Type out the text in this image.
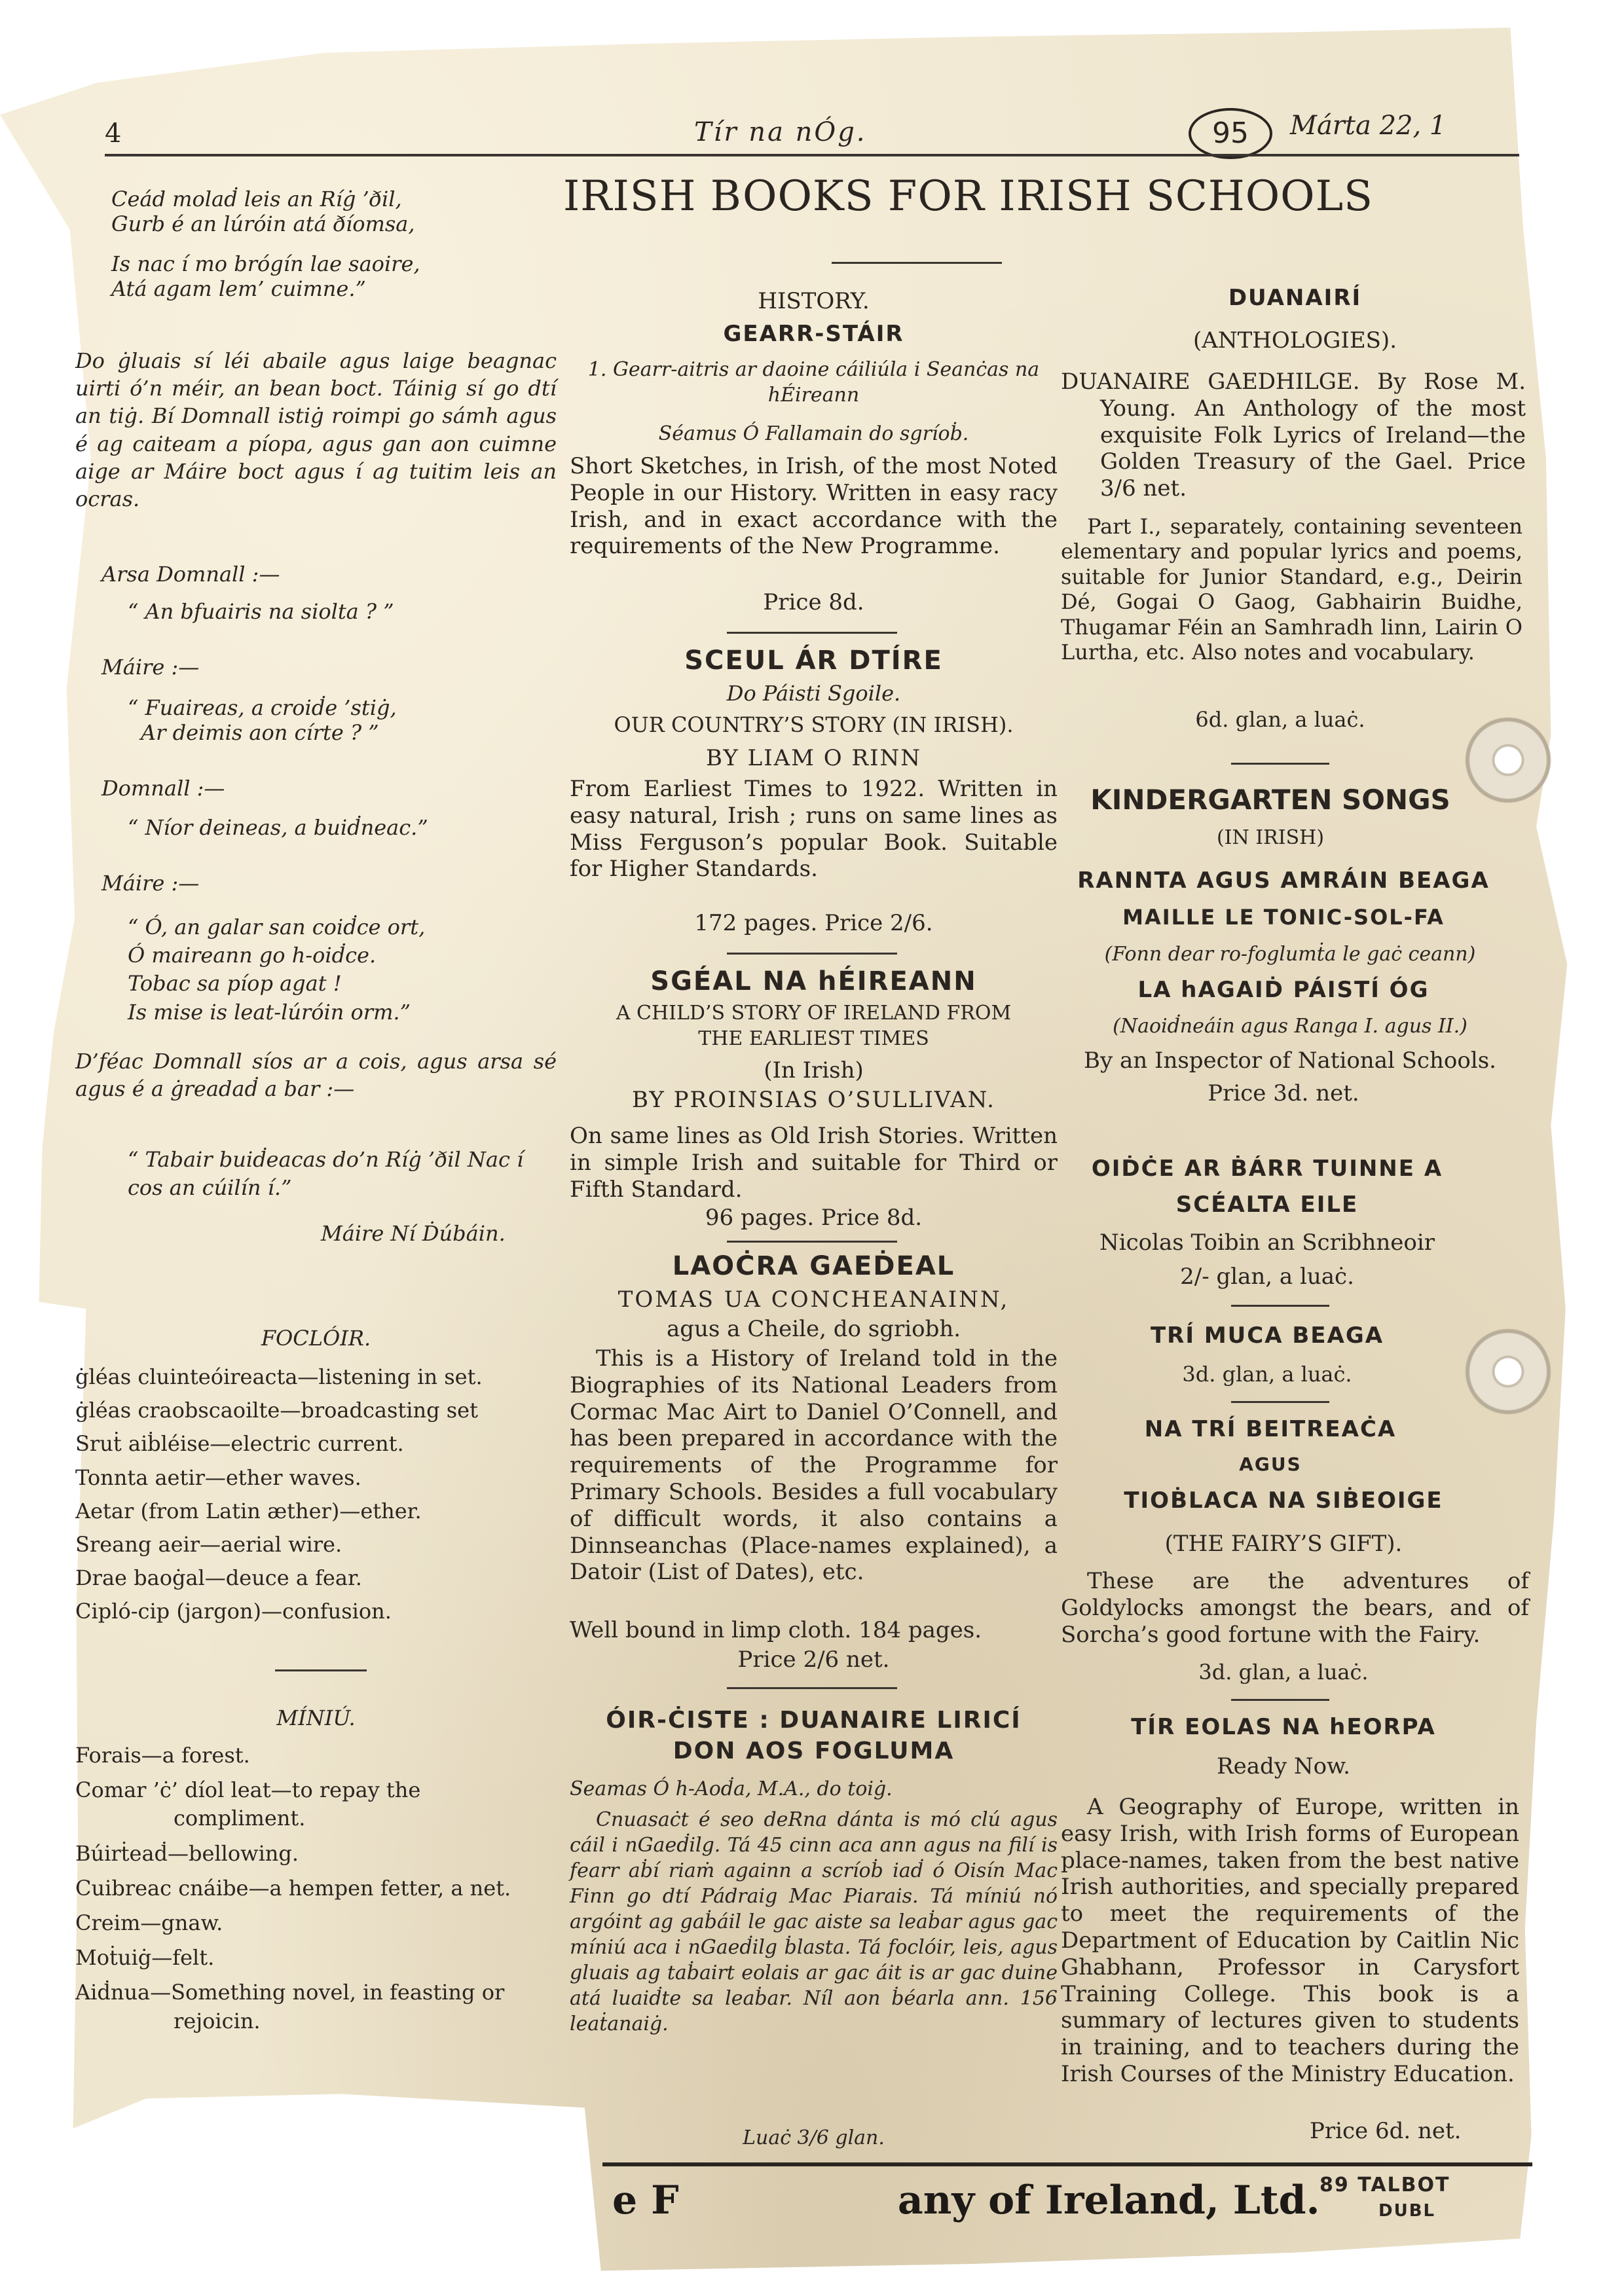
4	Tír na nÓg.	95	Márta 22, 1

Ceád molaḋ leis an Ríġ ’ðil,
Gurb é an lúróin atá ðíomsa,
Is nac í mo brógín lae saoire,
Atá agam lem’ cuimne.”

Do ġluais sí léi abaile agus laige beagnac uirti ó’n méir, an bean boct. Táinig sí go dtí an tiġ. Bí Domnall istiġ roimpi go sámh agus é ag caiteam a píopa, agus gan aon cuimne aige ar Máire boct agus í ag tuitim leis an ocras.

Arsa Domnall :—

“ An bfuairis na siolta ? ”

Máire :—

“ Fuaireas, a croiḋe ’stiġ,
Ar deimis aon círte ? ”

Domnall :—

“ Níor deineas, a buiḋneac.”

Máire :—

“ Ó, an galar san coiḋce ort,
Ó maireann go h-oiḋce.
Tobac sa píop agat !
Is mise is leat-lúróin orm.”

D’féac Domnall síos ar a cois, agus arsa sé agus é a ġreadaḋ a bar :—

“ Tabair buiḋeacas do’n Ríġ ’ðil Nac í cos an cúilín í.”

Máire Ní Ḋúbáin.

FOCLÓIR.

ġléas cluinteóireacta—listening in set.
ġléas craobscaoilte—broadcasting set
Sruṫ aiḃléise—electric current.
Tonnta aetir—ether waves.
Aetar (from Latin æther)—ether.
Sreang aeir—aerial wire.
Drae baoġal—deuce a fear.
Cipló-cip (jargon)—confusion.

MÍNIÚ.

Forais—a forest.
Comar ’ċ’ díol leat—to repay the compliment.
Búirṫeaḋ—bellowing.
Cuibreac cnáibe—a hempen fetter, a net.
Creim—gnaw.
Moṫuiġ—felt.
Aiḋnua—Something novel, in feasting or rejoicin.

IRISH BOOKS FOR IRISH SCHOOLS

HISTORY.

GEARR-STÁIR

1. Gearr-aitris ar daoine cáiliúla i Seanċas na hÉireann

Séamus Ó Fallamain do sgríoḃ.

Short Sketches, in Irish, of the most Noted People in our History. Written in easy racy Irish, and in exact accordance with the requirements of the New Programme.

Price 8d.

SCEUL ÁR DTÍRE

Do Páisti Sgoile.

OUR COUNTRY’S STORY (IN IRISH).

BY LIAM O RINN

From Earliest Times to 1922. Written in easy natural, Irish ; runs on same lines as Miss Ferguson’s popular Book. Suitable for Higher Standards.

172 pages. Price 2/6.

SGÉAL NA hÉIREANN

A CHILD’S STORY OF IRELAND FROM THE EARLIEST TIMES

(In Irish)

BY PROINSIAS O’SULLIVAN.

On same lines as Old Irish Stories. Written in simple Irish and suitable for Third or Fifth Standard.

96 pages. Price 8d.

LAOĊRA GAEḊEAL

TOMAS UA CONCHEANAINN,

agus a Cheile, do sgriobh.

This is a History of Ireland told in the Biographies of its National Leaders from Cormac Mac Airt to Daniel O’Connell, and has been prepared in accordance with the requirements of the Programme for Primary Schools. Besides a full vocabulary of difficult words, it also contains a Dinnseanchas (Place-names explained), a Datoir (List of Dates), etc.

Well bound in limp cloth. 184 pages.

Price 2/6 net.

ÓIR-ĊISTE : DUANAIRE LIRICÍ DON AOS FOGLUMA

Seamas Ó h-Aoḋa, M.A., do toiġ.

Cnuasaċt é seo deRna dánta is mó clú agus cáil i nGaeḋilg. Tá 45 cinn aca ann agus na filí is fearr aḃí riaṁ againn a scríoḃ iaḋ ó Oisín Mac Finn go dtí Pádraig Mac Piarais. Tá míniú nó argóint ag gaḃáil le gac aiste sa leaḃar agus gac míniú aca i nGaeḋilg ḃlasta. Tá foclóir, leis, agus gluais ag taḃairt eolais ar gac áit is ar gac duine atá luaiḋte sa leaḃar. Níl aon ḃéarla ann. 156 leaṫanaiġ.

Luaċ 3/6 glan.

DUANAIRÍ

(ANTHOLOGIES).

DUANAIRE GAEDHILGE. By Rose M. Young. An Anthology of the most exquisite Folk Lyrics of Ireland—the Golden Treasury of the Gael. Price 3/6 net.

Part I., separately, containing seventeen elementary and popular lyrics and poems, suitable for Junior Standard, e.g., Deirin Dé, Gogai O Gaog, Gabhairin Buidhe, Thugamar Féin an Samhradh linn, Lairin O Lurtha, etc. Also notes and vocabulary.

6d. glan, a luaċ.

KINDERGARTEN SONGS

(IN IRISH)

RANNTA AGUS AMRÁIN BEAGA

MAILLE LE TONIC-SOL-FA

(Fonn dear ro-foglumṫa le gaċ ceann)

LA hAGAIḊ PÁISTÍ ÓG

(Naoiḋneáin agus Ranga I. agus II.)

By an Inspector of National Schools.

Price 3d. net.

OIḊĊE AR ḂÁRR TUINNE A

SCÉALTA EILE

Nicolas Toibin an Scribhneoir

2/- glan, a luaċ.

TRÍ MUCA BEAGA

3d. glan, a luaċ.

NA TRÍ BEITREAĊA

AGUS

TIOḂLACA NA SIḂEOIGE

(THE FAIRY’S GIFT).

These are the adventures of Goldylocks amongst the bears, and of Sorcha’s good fortune with the Fairy.

3d. glan, a luaċ.

TÍR EOLAS NA hEORPA

Ready Now.

A Geography of Europe, written in easy Irish, with Irish forms of European place-names, taken from the best native Irish authorities, and specially prepared to meet the requirements of the Department of Education by Caitlin Nic Ghabhann, Professor in Carysfort Training College. This book is a summary of lectures given to students in training, and to teachers during the Irish Courses of the Ministry Education.

Price 6d. net.

e F                any of Ireland, Ltd. 89 TALBOT

DUBL
